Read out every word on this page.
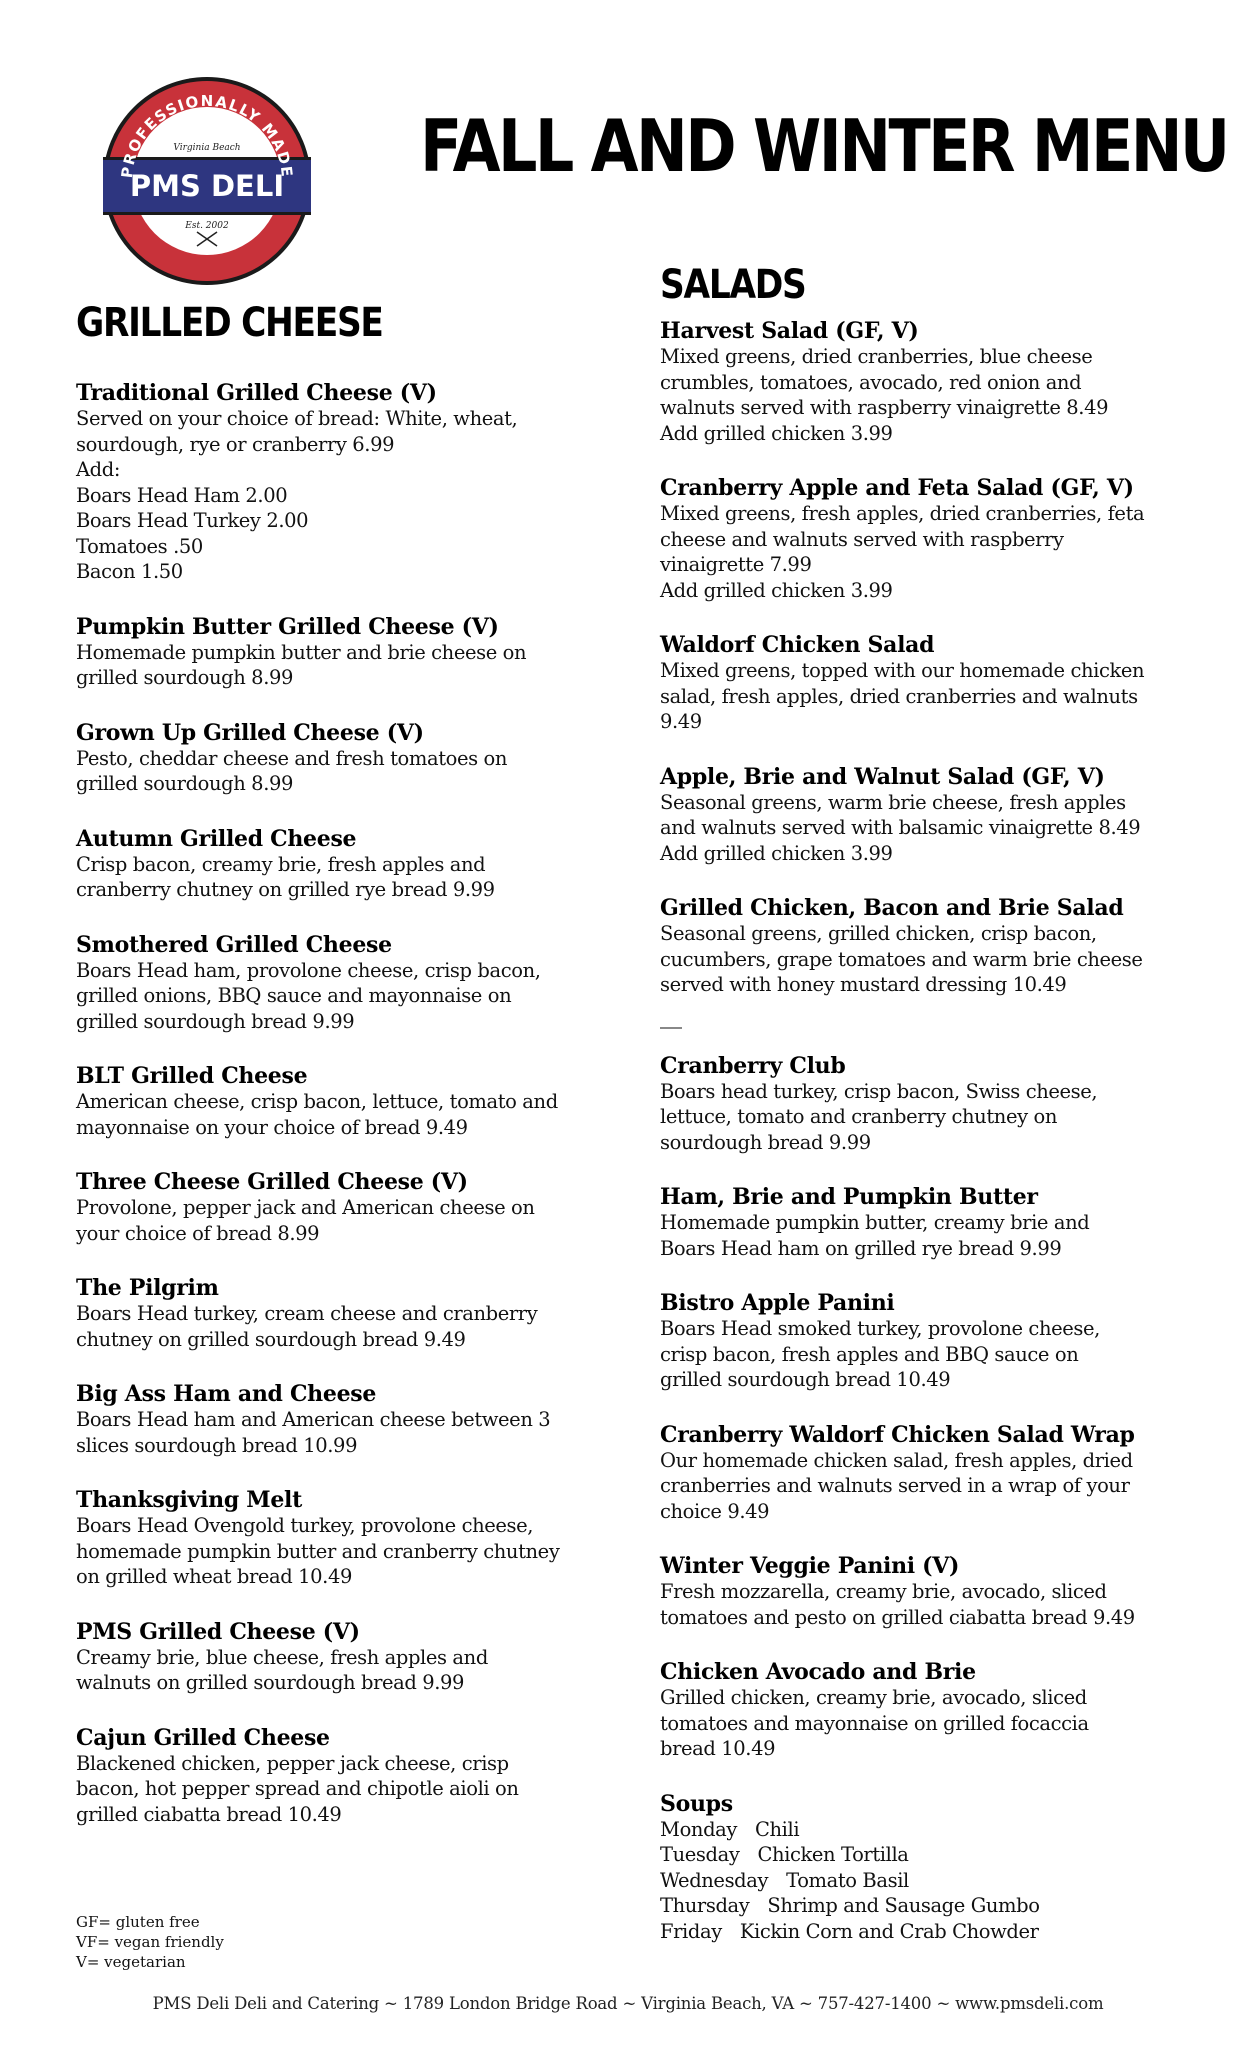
PROFESSIONALLY MADE
SANDWICHES
Virginia Beach
PMS DELI
Est. 2002
FALL AND WINTER MENU
GRILLED CHEESE
SALADS
Traditional Grilled Cheese (V)
Served on your choice of bread: White, wheat,
sourdough, rye or cranberry 6.99
Add:
Boars Head Ham 2.00
Boars Head Turkey 2.00
Tomatoes .50
Bacon 1.50
Pumpkin Butter Grilled Cheese (V)
Homemade pumpkin butter and brie cheese on
grilled sourdough 8.99
Grown Up Grilled Cheese (V)
Pesto, cheddar cheese and fresh tomatoes on
grilled sourdough 8.99
Autumn Grilled Cheese
Crisp bacon, creamy brie, fresh apples and
cranberry chutney on grilled rye bread 9.99
Smothered Grilled Cheese
Boars Head ham, provolone cheese, crisp bacon,
grilled onions, BBQ sauce and mayonnaise on
grilled sourdough bread 9.99
BLT Grilled Cheese
American cheese, crisp bacon, lettuce, tomato and
mayonnaise on your choice of bread 9.49
Three Cheese Grilled Cheese (V)
Provolone, pepper jack and American cheese on
your choice of bread 8.99
The Pilgrim
Boars Head turkey, cream cheese and cranberry
chutney on grilled sourdough bread 9.49
Big Ass Ham and Cheese
Boars Head ham and American cheese between 3
slices sourdough bread 10.99
Thanksgiving Melt
Boars Head Ovengold turkey, provolone cheese,
homemade pumpkin butter and cranberry chutney
on grilled wheat bread 10.49
PMS Grilled Cheese (V)
Creamy brie, blue cheese, fresh apples and
walnuts on grilled sourdough bread 9.99
Cajun Grilled Cheese
Blackened chicken, pepper jack cheese, crisp
bacon, hot pepper spread and chipotle aioli on
grilled ciabatta bread 10.49
Harvest Salad (GF, V)
Mixed greens, dried cranberries, blue cheese
crumbles, tomatoes, avocado, red onion and
walnuts served with raspberry vinaigrette 8.49
Add grilled chicken 3.99
Cranberry Apple and Feta Salad (GF, V)
Mixed greens, fresh apples, dried cranberries, feta
cheese and walnuts served with raspberry
vinaigrette 7.99
Add grilled chicken 3.99
Waldorf Chicken Salad
Mixed greens, topped with our homemade chicken
salad, fresh apples, dried cranberries and walnuts
9.49
Apple, Brie and Walnut Salad (GF, V)
Seasonal greens, warm brie cheese, fresh apples
and walnuts served with balsamic vinaigrette 8.49
Add grilled chicken 3.99
Grilled Chicken, Bacon and Brie Salad
Seasonal greens, grilled chicken, crisp bacon,
cucumbers, grape tomatoes and warm brie cheese
served with honey mustard dressing 10.49
Cranberry Club
Boars head turkey, crisp bacon, Swiss cheese,
lettuce, tomato and cranberry chutney on
sourdough bread 9.99
Ham, Brie and Pumpkin Butter
Homemade pumpkin butter, creamy brie and
Boars Head ham on grilled rye bread 9.99
Bistro Apple Panini
Boars Head smoked turkey, provolone cheese,
crisp bacon, fresh apples and BBQ sauce on
grilled sourdough bread 10.49
Cranberry Waldorf Chicken Salad Wrap
Our homemade chicken salad, fresh apples, dried
cranberries and walnuts served in a wrap of your
choice 9.49
Winter Veggie Panini (V)
Fresh mozzarella, creamy brie, avocado, sliced
tomatoes and pesto on grilled ciabatta bread 9.49
Chicken Avocado and Brie
Grilled chicken, creamy brie, avocado, sliced
tomatoes and mayonnaise on grilled focaccia
bread 10.49
Soups
Monday Chili
Tuesday Chicken Tortilla
Wednesday Tomato Basil
Thursday Shrimp and Sausage Gumbo
Friday Kickin Corn and Crab Chowder
GF= gluten free
VF= vegan friendly
V= vegetarian
PMS Deli Deli and Catering ~ 1789 London Bridge Road ~ Virginia Beach, VA ~ 757-427-1400 ~ www.pmsdeli.com
